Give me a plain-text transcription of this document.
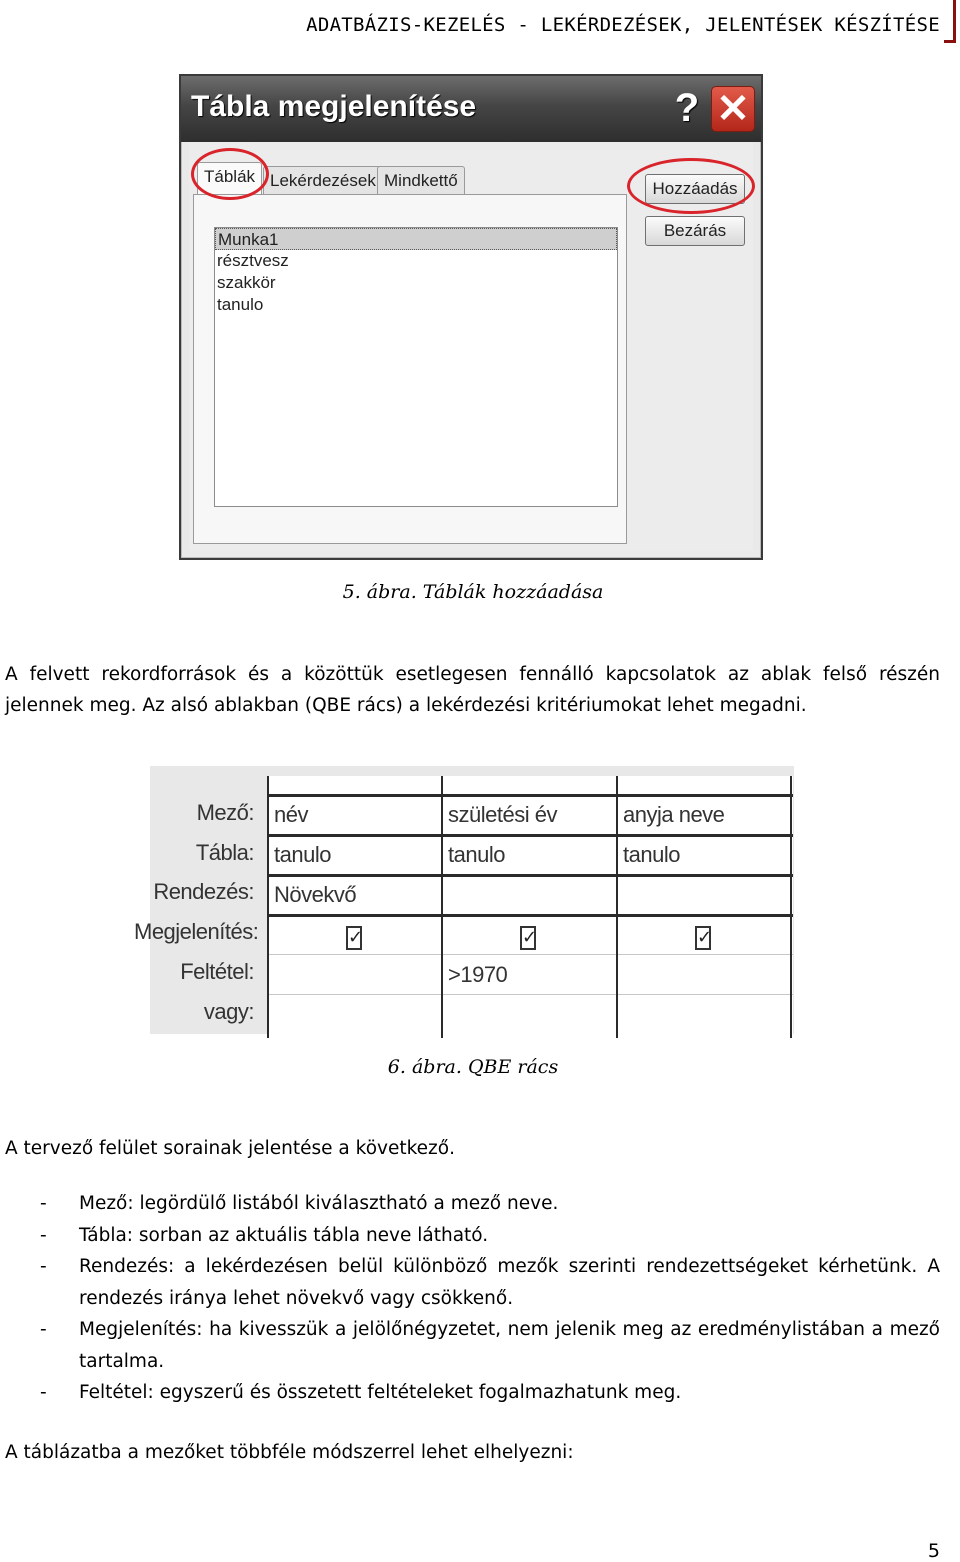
ADATBÁZIS-KEZELÉS - LEKÉRDEZÉSEK, JELENTÉSEK KÉSZÍTÉSE
Tábla megjelenítése	? ✕
Táblák Lekérdezések Mindkettő
Munka1
résztvesz
szakkör
tanulo
Hozzáadás
Bezárás
5. ábra. Táblák hozzáadása
A felvett rekordforrások és a közöttük esetlegesen fennálló kapcsolatok az ablak felső részén jelennek meg. Az alsó ablakban (QBE rács) a lekérdezési kritériumokat lehet megadni.
Mező:
Tábla:
Rendezés:
Megjelenítés:
Feltétel:
vagy:
név
tanulo
Növekvő
✓
születési év
tanulo
✓
>1970
anyja neve
tanulo
✓
6. ábra. QBE rács
A tervező felület sorainak jelentése a következő.
- Mező: legördülő listából kiválasztható a mező neve.
- Tábla: sorban az aktuális tábla neve látható.
- Rendezés: a lekérdezésen belül különböző mezők szerinti rendezettségeket kérhetünk. A rendezés iránya lehet növekvő vagy csökkenő.
- Megjelenítés: ha kivesszük a jelölőnégyzetet, nem jelenik meg az eredménylistában a mező tartalma.
- Feltétel: egyszerű és összetett feltételeket fogalmazhatunk meg.
A táblázatba a mezőket többféle módszerrel lehet elhelyezni:
5
